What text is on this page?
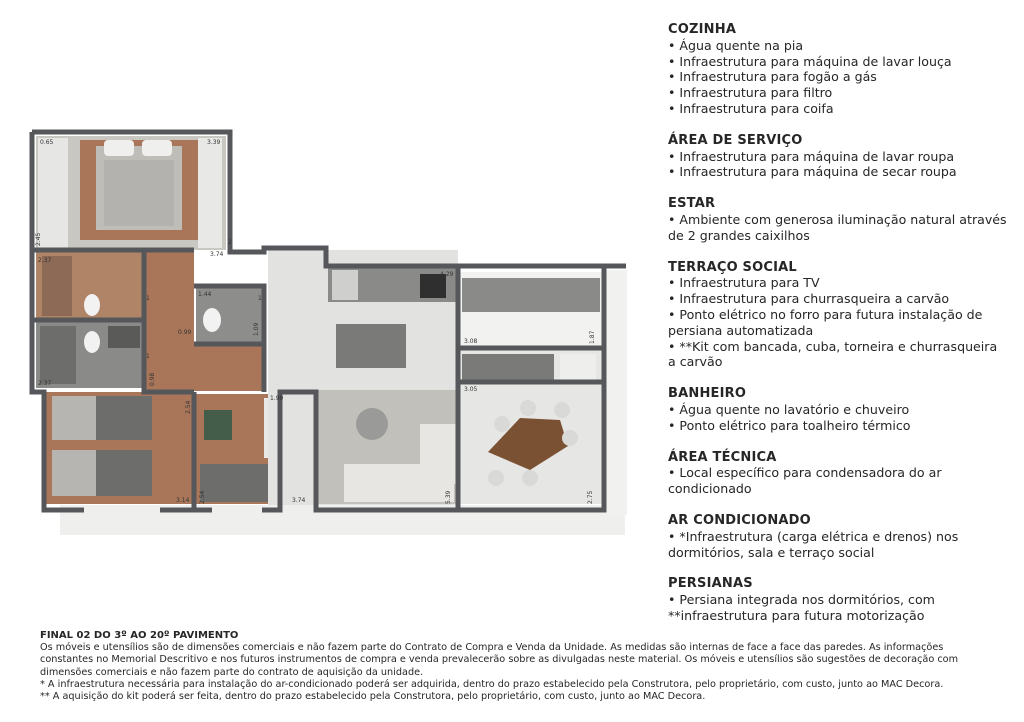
0.65	3.39
2.45
2.37
2.37
3.74
0.99
1.44
1.09
0.98
4.29
3.08	1.87
3.05
2.54
1.99
3.14 2.54	3.74	5.39	2.75
1
1
1
2
COZINHA
• Água quente na pia
• Infraestrutura para máquina de lavar louça
• Infraestrutura para fogão a gás
• Infraestrutura para filtro
• Infraestrutura para coifa
ÁREA DE SERVIÇO
• Infraestrutura para máquina de lavar roupa
• Infraestrutura para máquina de secar roupa
ESTAR
• Ambiente com generosa iluminação natural através de 2 grandes caixilhos
TERRAÇO SOCIAL
• Infraestrutura para TV
• Infraestrutura para churrasqueira a carvão
• Ponto elétrico no forro para futura instalação de persiana automatizada
• **Kit com bancada, cuba, torneira e churrasqueira a carvão
BANHEIRO
• Água quente no lavatório e chuveiro
• Ponto elétrico para toalheiro térmico
ÁREA TÉCNICA
• Local específico para condensadora do ar condicionado
AR CONDICIONADO
• *Infraestrutura (carga elétrica e drenos) nos dormitórios, sala e terraço social
PERSIANAS
• Persiana integrada nos dormitórios, com **infraestrutura para futura motorização
FINAL 02 DO 3º AO 20º PAVIMENTO
Os móveis e utensílios são de dimensões comerciais e não fazem parte do Contrato de Compra e Venda da Unidade. As medidas são internas de face a face das paredes. As informações
constantes no Memorial Descritivo e nos futuros instrumentos de compra e venda prevalecerão sobre as divulgadas neste material. Os móveis e utensílios são sugestões de decoração com
dimensões comerciais e não fazem parte do contrato de aquisição da unidade.
* A infraestrutura necessária para instalação do ar-condicionado poderá ser adquirida, dentro do prazo estabelecido pela Construtora, pelo proprietário, com custo, junto ao MAC Decora.
** A aquisição do kit poderá ser feita, dentro do prazo estabelecido pela Construtora, pelo proprietário, com custo, junto ao MAC Decora.
